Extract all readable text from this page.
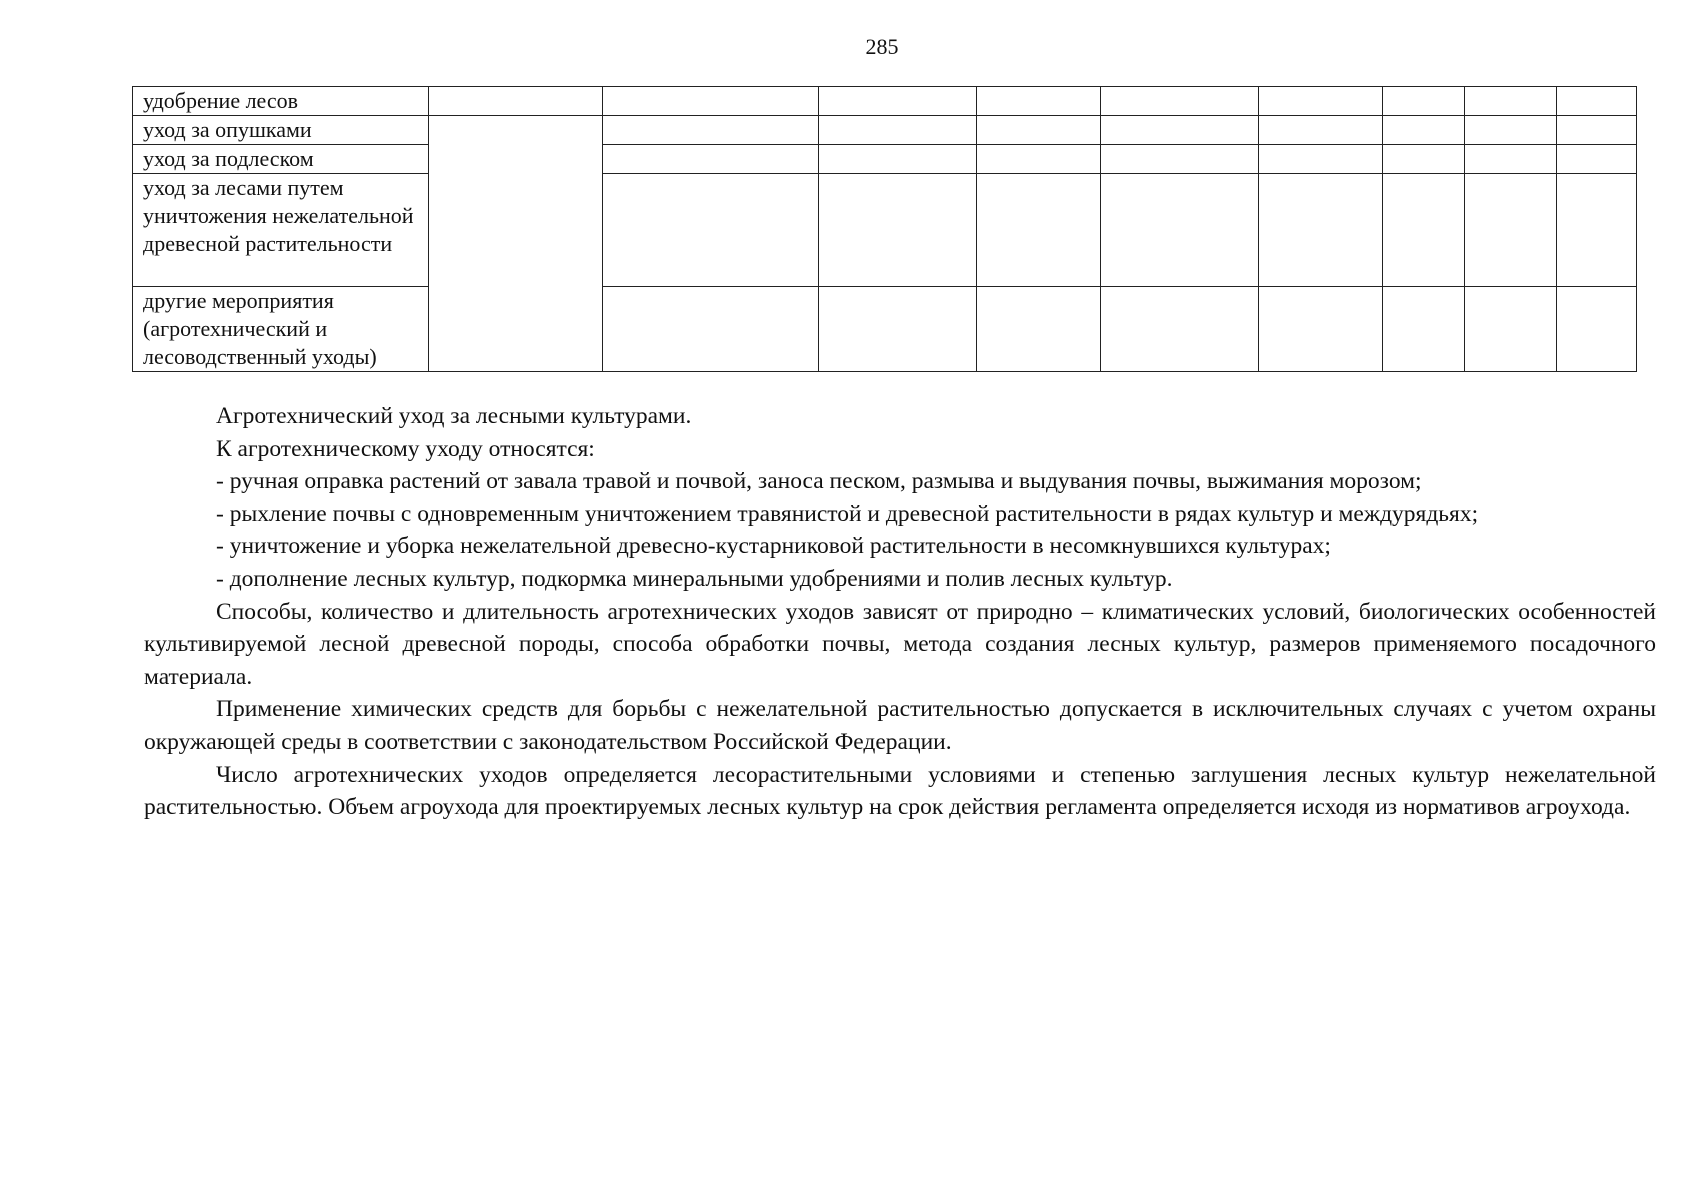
285
удобрение лесов									
уход за опушками									
уход за подлеском									
уход за лесами путем уничтожения нежелательной древесной растительности									
другие мероприятия (агротехнический и лесоводственный уходы)									

Агротехнический уход за лесными культурами.

К агротехническому уходу относятся:

- ручная оправка растений от завала травой и почвой, заноса песком, размыва и выдувания почвы, выжимания морозом;

- рыхление почвы с одновременным уничтожением травянистой и древесной растительности в рядах культур и междурядьях;

- уничтожение и уборка нежелательной древесно-кустарниковой растительности в несомкнувшихся культурах;

- дополнение лесных культур, подкормка минеральными удобрениями и полив лесных культур.

Способы, количество и длительность агротехнических уходов зависят от природно – климатических условий, биологических особенностей культивируемой лесной древесной породы, способа обработки почвы, метода создания лесных культур, размеров применяемого посадочного материала.

Применение химических средств для борьбы с нежелательной растительностью допускается в исключительных случаях с учетом охраны окружающей среды в соответствии с законодательством Российской Федерации.

Число агротехнических уходов определяется лесорастительными условиями и степенью заглушения лесных культур нежелательной растительностью. Объем агроухода для проектируемых лесных культур на срок действия регламента определяется исходя из нормативов агроухода.
